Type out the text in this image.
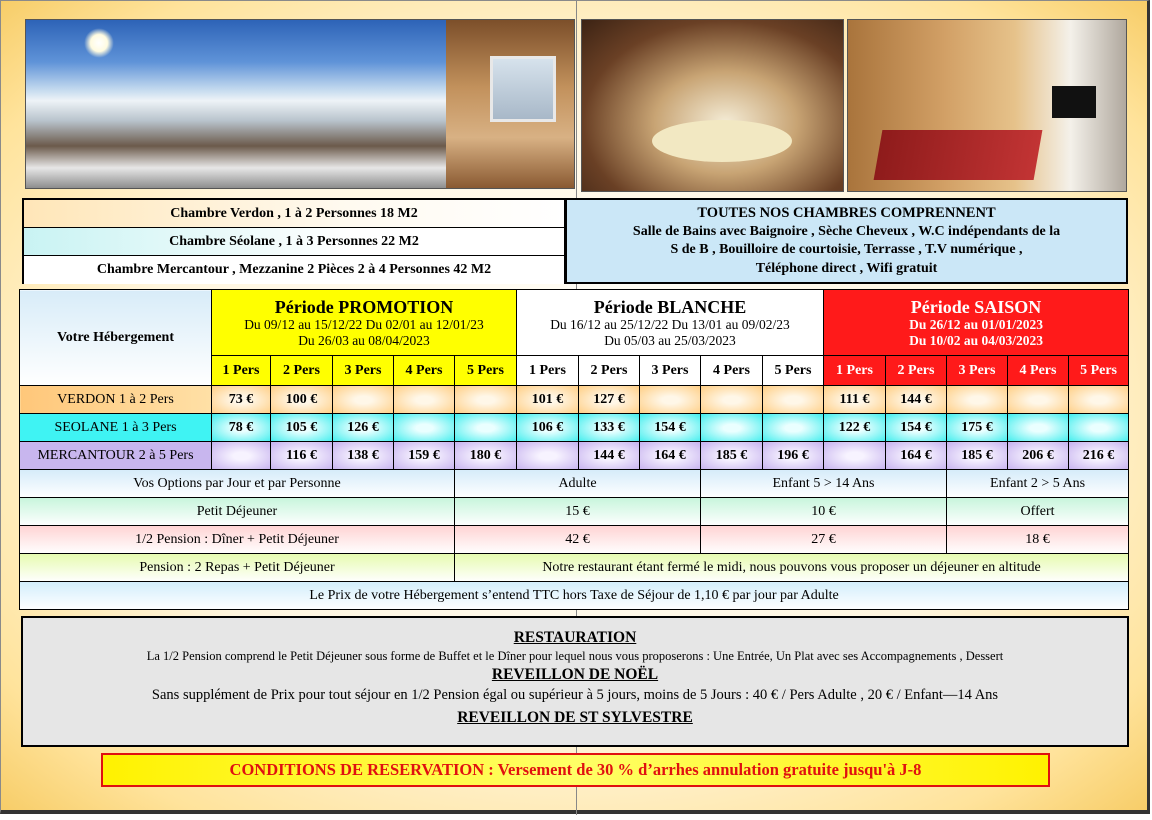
Chambre Verdon , 1 à 2 Personnes 18 M2
Chambre Séolane , 1 à 3 Personnes 22 M2
Chambre Mercantour , Mezzanine 2 Pièces 2 à 4 Personnes 42 M2
TOUTES NOS CHAMBRES COMPRENNENT
Salle de Bains avec Baignoire , Sèche Cheveux , W.C indépendants de la
S de B , Bouilloire de courtoisie, Terrasse , T.V numérique ,
Téléphone direct , Wifi gratuit
Votre Hébergement	Période PROMOTION
Du 09/12 au 15/12/22 Du 02/01 au 12/01/23
Du 26/03 au 08/04/2023					Période BLANCHE
Du 16/12 au 25/12/22 Du 13/01 au 09/02/23
Du 05/03 au 25/03/2023					Période SAISON
Du 26/12 au 01/01/2023
Du 10/02 au 04/03/2023				

	1 Pers	2 Pers	3 Pers	4 Pers	5 Pers	1 Pers	2 Pers	3 Pers	4 Pers	5 Pers	1 Pers	2 Pers	3 Pers	4 Pers	5 Pers
VERDON 1 à 2 Pers	73 €	100 €				101 €	127 €				111 €	144 €			
SEOLANE 1 à 3 Pers	78 €	105 €	126 €			106 €	133 €	154 €			122 €	154 €	175 €		
MERCANTOUR 2 à 5 Pers		116 €	138 €	159 €	180 €		144 €	164 €	185 €	196 €		164 €	185 €	206 €	216 €
Vos Options par Jour et par Personne					Adulte				Enfant 5 > 14 Ans				Enfant 2 > 5 Ans		
Petit Déjeuner					15 €				10 €				Offert		
1/2 Pension : Dîner + Petit Déjeuner					42 €				27 €				18 €		
Pension : 2 Repas + Petit Déjeuner					Notre restaurant étant fermé le midi, nous pouvons vous proposer un déjeuner en altitude										
Le Prix de votre Hébergement s’entend TTC hors Taxe de Séjour de 1,10 € par jour par Adulte															
RESTAURATION
La 1/2 Pension comprend le Petit Déjeuner sous forme de Buffet et le Dîner pour lequel nous vous proposerons : Une Entrée, Un Plat avec ses Accompagnements , Dessert
REVEILLON DE NOËL
Sans supplément de Prix pour tout séjour en 1/2 Pension égal ou supérieur à 5 jours, moins de 5 Jours : 40 € / Pers Adulte , 20 € / Enfant—14 Ans
REVEILLON DE ST SYLVESTRE
CONDITIONS DE RESERVATION : Versement de 30 % d’arrhes annulation gratuite jusqu'à J-8
